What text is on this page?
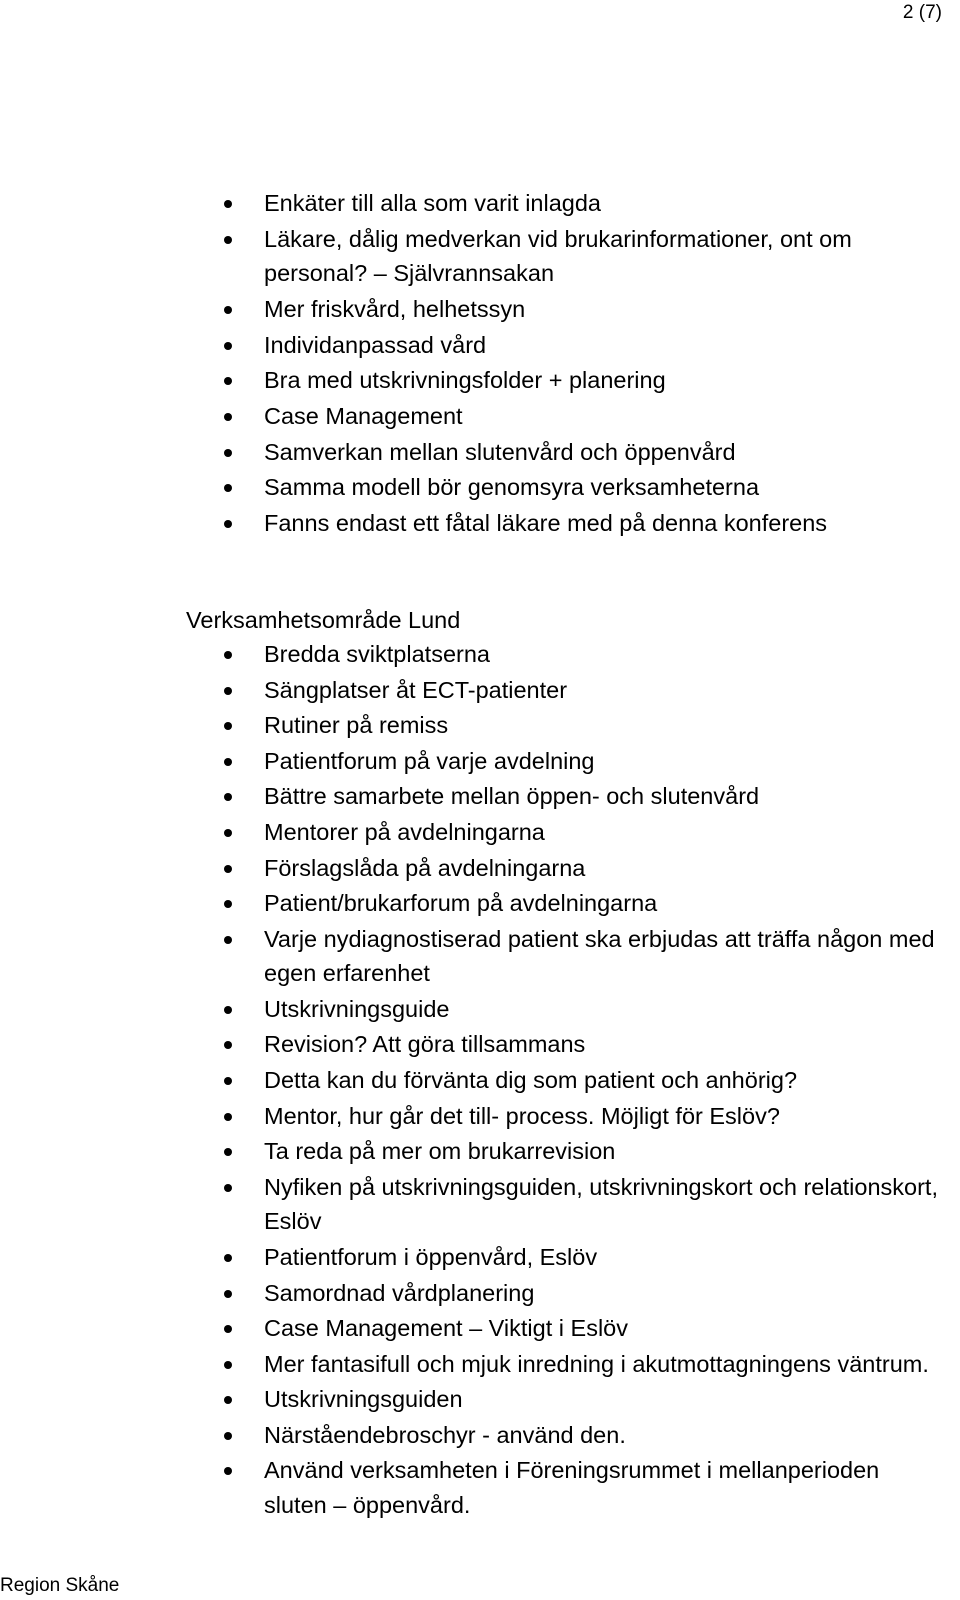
2 (7)
Enkäter till alla som varit inlagda
Läkare, dålig medverkan vid brukarinformationer, ont om personal? – Självrannsakan
Mer friskvård, helhetssyn
Individanpassad vård
Bra med utskrivningsfolder + planering
Case Management
Samverkan mellan slutenvård och öppenvård
Samma modell bör genomsyra verksamheterna
Fanns endast ett fåtal läkare med på denna konferens
Verksamhetsområde Lund
Bredda sviktplatserna
Sängplatser åt ECT-patienter
Rutiner på remiss
Patientforum på varje avdelning
Bättre samarbete mellan öppen- och slutenvård
Mentorer på avdelningarna
Förslagslåda på avdelningarna
Patient/brukarforum på avdelningarna
Varje nydiagnostiserad patient ska erbjudas att träffa någon med egen erfarenhet
Utskrivningsguide
Revision? Att göra tillsammans
Detta kan du förvänta dig som patient och anhörig?
Mentor, hur går det till- process. Möjligt för Eslöv?
Ta reda på mer om brukarrevision
Nyfiken på utskrivningsguiden, utskrivningskort och relationskort, Eslöv
Patientforum i öppenvård, Eslöv
Samordnad vårdplanering
Case Management – Viktigt i Eslöv
Mer fantasifull och mjuk inredning i akutmottagningens väntrum.
Utskrivningsguiden
Närståendebroschyr - använd den.
Använd verksamheten i Föreningsrummet i mellanperioden sluten – öppenvård.
Region Skåne
